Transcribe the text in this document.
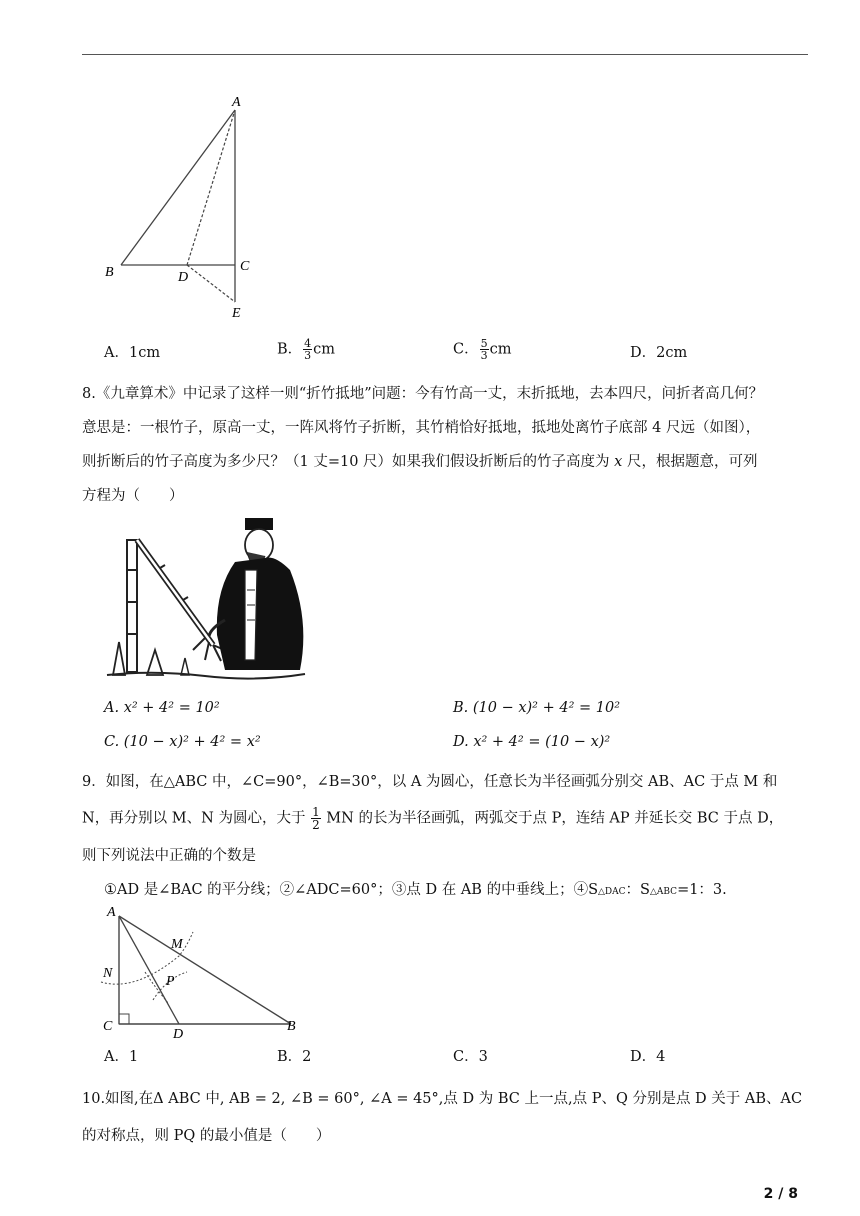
A
B	C
D
E
A．1cm	B． $\frac{4}{3}$ cm	C． $\frac{5}{3}$ cm	D．2cm
8.《九章算术》中记录了这样一则“折竹抵地”问题：今有竹高一丈，末折抵地，去本四尺，问折者高几何？
意思是：一根竹子，原高一丈，一阵风将竹子折断，其竹梢恰好抵地，抵地处离竹子底部 4 尺远（如图），
则折断后的竹子高度为多少尺？（1 丈=10 尺）如果我们假设折断后的竹子高度为 x 尺，根据题意，可列
方程为（　　）
A. x² + 4² = 10²	B. (10 − x)² + 4² = 10²
C. (10 − x)² + 4² = x²	D. x² + 4² = (10 − x)²
9．如图，在△ABC 中，∠C=90°，∠B=30°，以 A 为圆心，任意长为半径画弧分别交 AB、AC 于点 M 和
N，再分别以 M、N 为圆心，大于 $\frac{1}{2}$ MN 的长为半径画弧，两弧交于点 P，连结 AP 并延长交 BC 于点 D，
则下列说法中正确的个数是
①AD 是∠BAC 的平分线；②∠ADC=60°；③点 D 在 AB 的中垂线上；④S△DAC：S△ABC=1：3.
A
M
N
P
C
D
B
A．1	B．2	C．3	D．4
10.如图,在Δ ABC 中, AB = 2, ∠B = 60°, ∠A = 45°,点 D 为 BC 上一点,点 P、Q 分别是点 D 关于 AB、AC
的对称点，则 PQ 的最小值是（　　）
2 / 8
